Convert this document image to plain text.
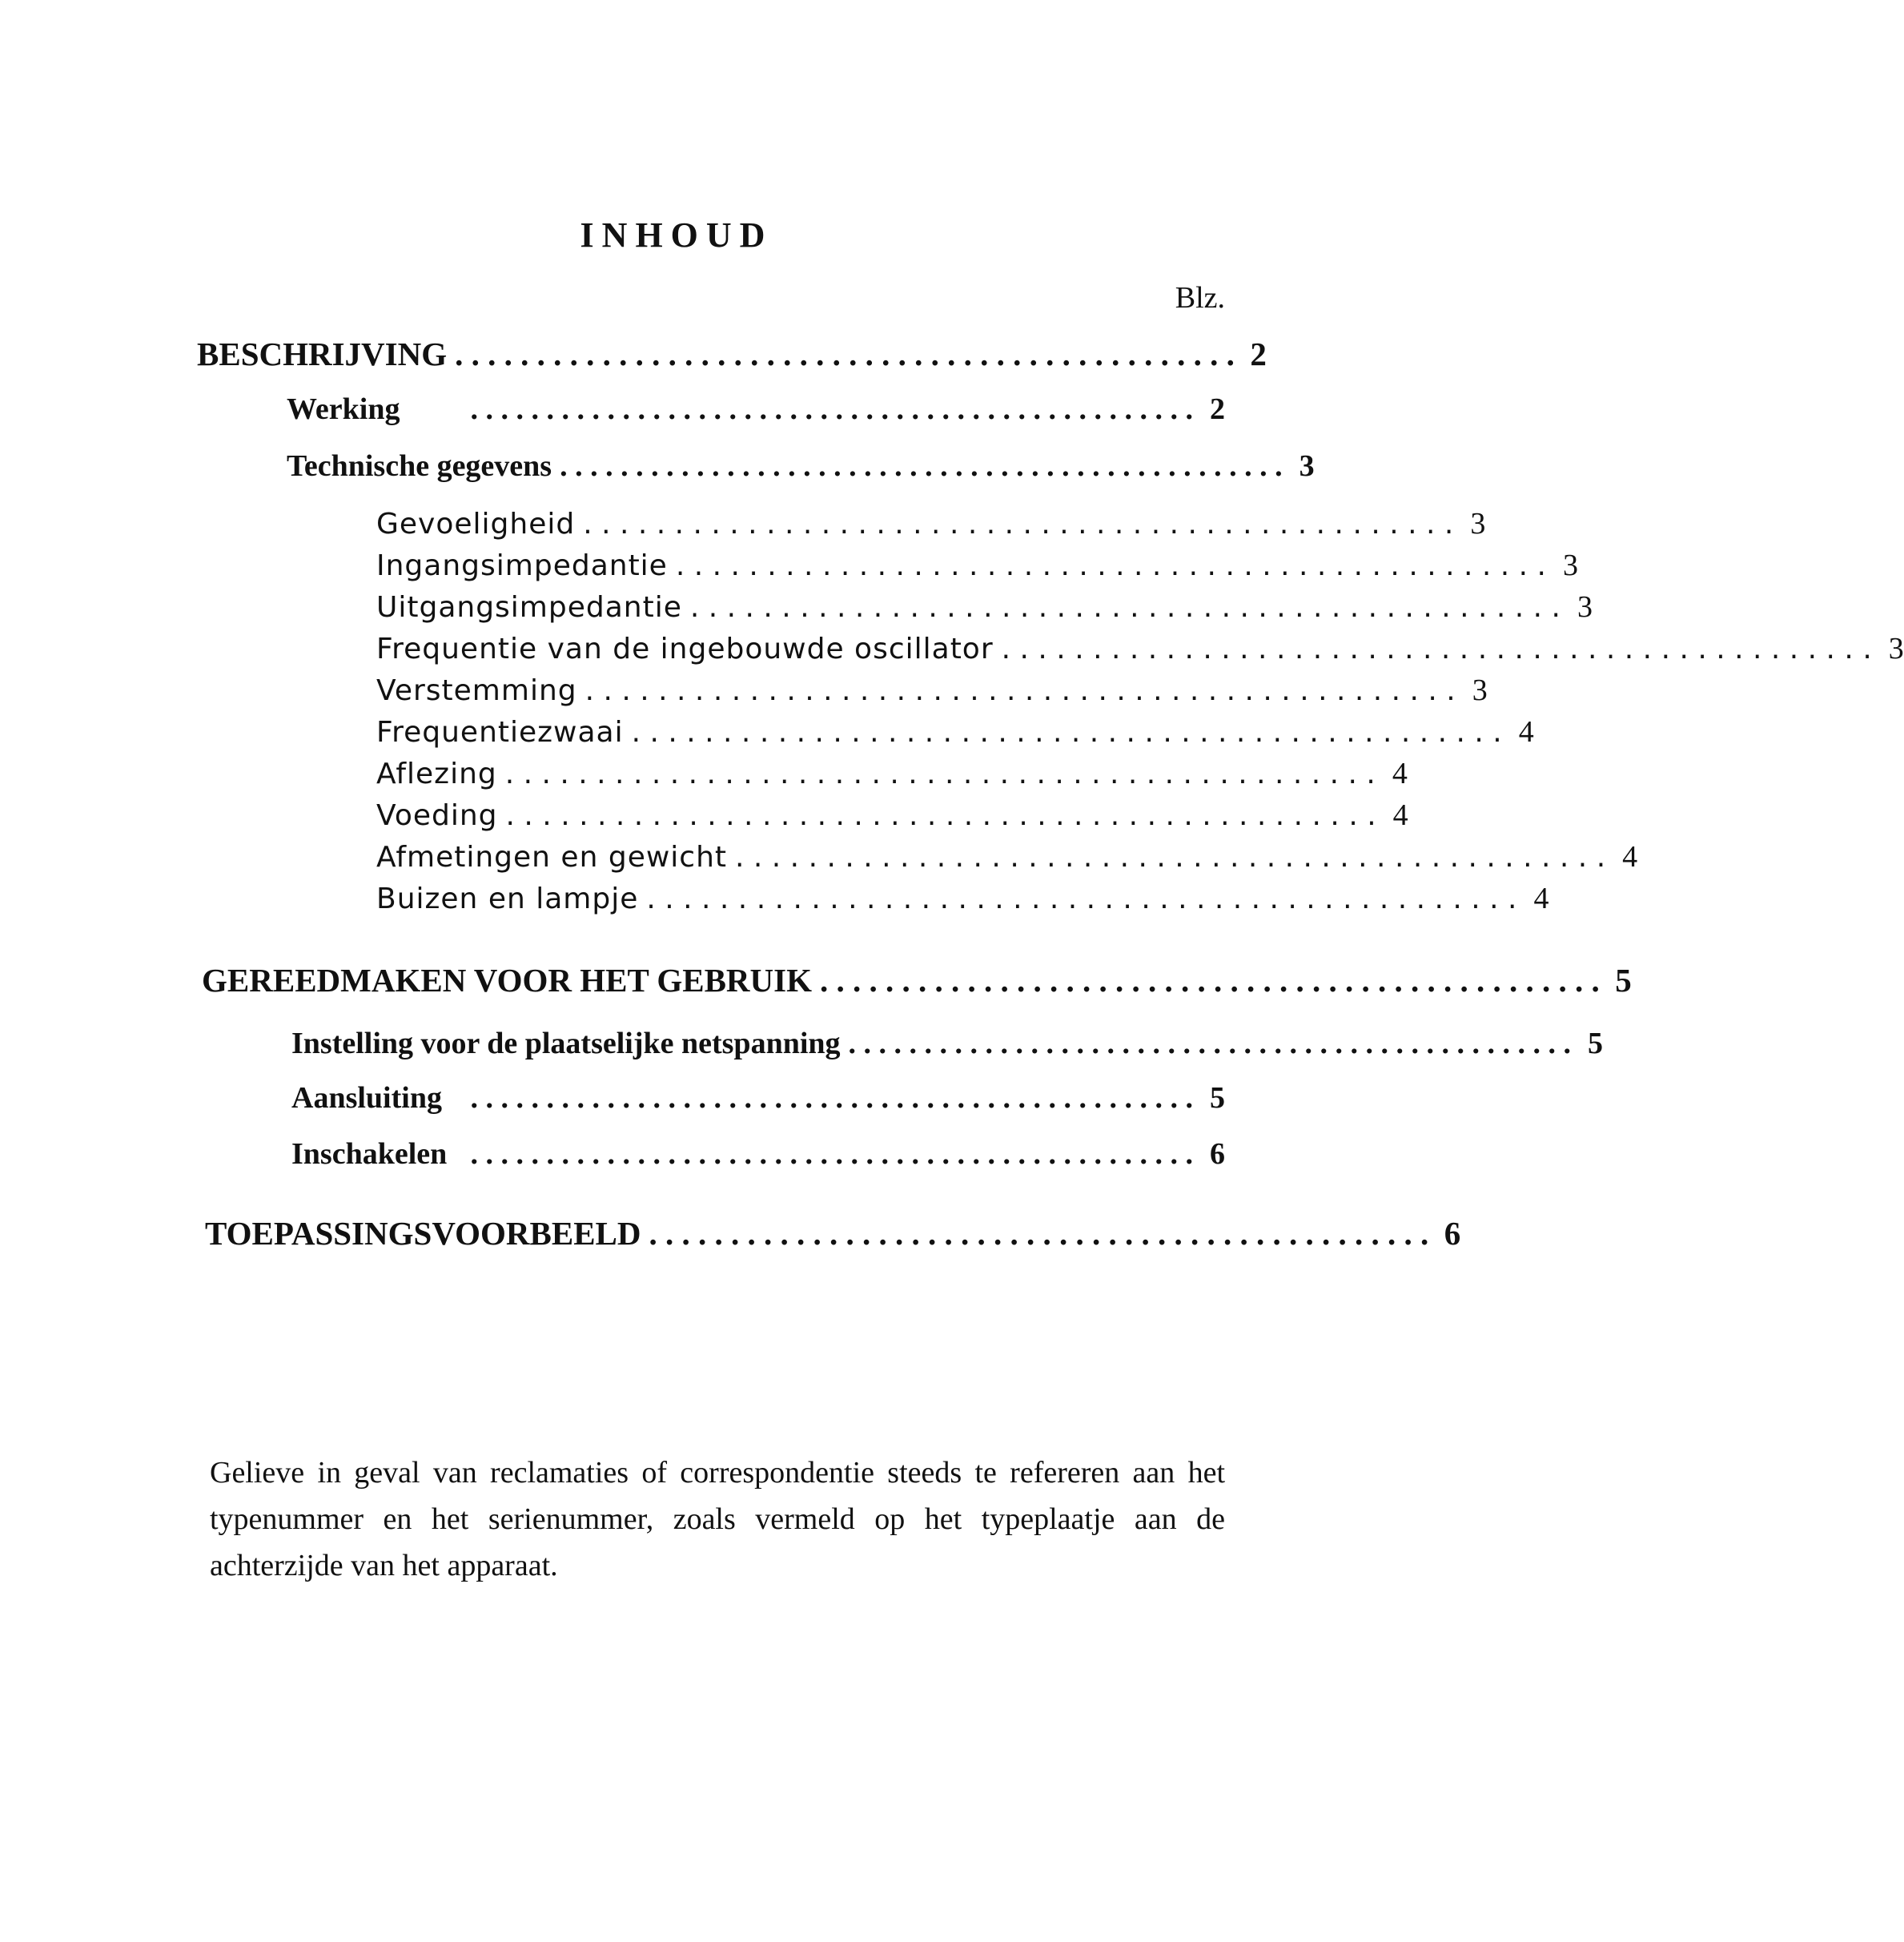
INHOUD
Blz.
BESCHRIJVING . . . . . . . . . . . . . . . . . . . . . . . . . . . . . . . . . . . . . . . . . . . . . . . . 2
Werking	. . . . . . . . . . . . . . . . . . . . . . . . . . . . . . . . . . . . . . . . . . . . . . . . 2
Technische gegevens . . . . . . . . . . . . . . . . . . . . . . . . . . . . . . . . . . . . . . . . . . . . . . . . 3
Gevoeligheid . . . . . . . . . . . . . . . . . . . . . . . . . . . . . . . . . . . . . . . . . . . . . . . . 3
Ingangsimpedantie . . . . . . . . . . . . . . . . . . . . . . . . . . . . . . . . . . . . . . . . . . . . . . . . 3
Uitgangsimpedantie . . . . . . . . . . . . . . . . . . . . . . . . . . . . . . . . . . . . . . . . . . . . . . . . 3
Frequentie van de ingebouwde oscillator . . . . . . . . . . . . . . . . . . . . . . . . . . . . . . . . . . . . . . . . . . . . . . . . 3
Verstemming . . . . . . . . . . . . . . . . . . . . . . . . . . . . . . . . . . . . . . . . . . . . . . . . 3
Frequentiezwaai . . . . . . . . . . . . . . . . . . . . . . . . . . . . . . . . . . . . . . . . . . . . . . . . 4
Aflezing . . . . . . . . . . . . . . . . . . . . . . . . . . . . . . . . . . . . . . . . . . . . . . . . 4
Voeding . . . . . . . . . . . . . . . . . . . . . . . . . . . . . . . . . . . . . . . . . . . . . . . . 4
Afmetingen en gewicht . . . . . . . . . . . . . . . . . . . . . . . . . . . . . . . . . . . . . . . . . . . . . . . . 4
Buizen en lampje . . . . . . . . . . . . . . . . . . . . . . . . . . . . . . . . . . . . . . . . . . . . . . . . 4
GEREEDMAKEN VOOR HET GEBRUIK . . . . . . . . . . . . . . . . . . . . . . . . . . . . . . . . . . . . . . . . . . . . . . . . 5
Instelling voor de plaatselijke netspanning . . . . . . . . . . . . . . . . . . . . . . . . . . . . . . . . . . . . . . . . . . . . . . . . 5
Aansluiting . . . . . . . . . . . . . . . . . . . . . . . . . . . . . . . . . . . . . . . . . . . . . . . . 5
Inschakelen . . . . . . . . . . . . . . . . . . . . . . . . . . . . . . . . . . . . . . . . . . . . . . . . 6
TOEPASSINGSVOORBEELD . . . . . . . . . . . . . . . . . . . . . . . . . . . . . . . . . . . . . . . . . . . . . . . . 6
Gelieve in geval van reclamaties of correspondentie steeds te refereren aan het typenummer en het serienummer, zoals vermeld op het typeplaatje aan de achterzijde van het apparaat.
